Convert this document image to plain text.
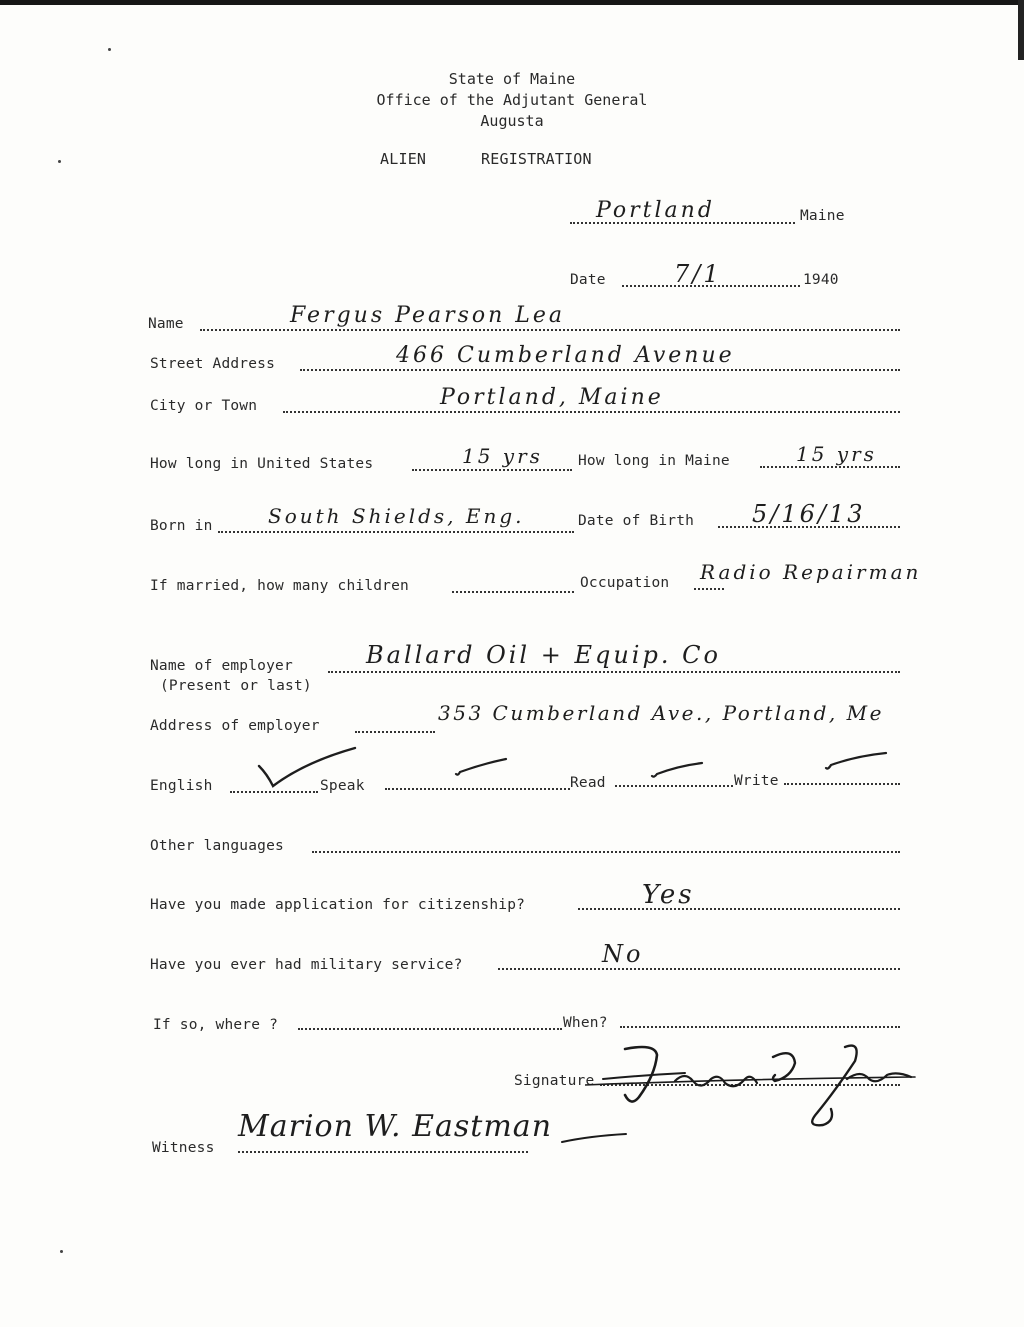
State of Maine
Office of the Adjutant General
Augusta
ALIEN	REGISTRATION
Portland	Maine
Date	7/1	1940
Name	Fergus Pearson Lea
Street Address	466 Cumberland Avenue
City or Town	Portland, Maine
How long in United States	15 yrs How long in Maine	15 yrs
Born in	South Shields, Eng.	Date of Birth 5/16/13
If married, how many children	Occupation Radio Repairman
Name of employer
(Present or last)
Ballard Oil + Equip. Co
Address of employer
353 Cumberland Ave., Portland, Me
English	Speak	Read	Write
Other languages
Have you made application for citizenship?	Yes
Have you ever had military service?	No
If so, where ?	When?
Signature
Witness
Marion W. Eastman
